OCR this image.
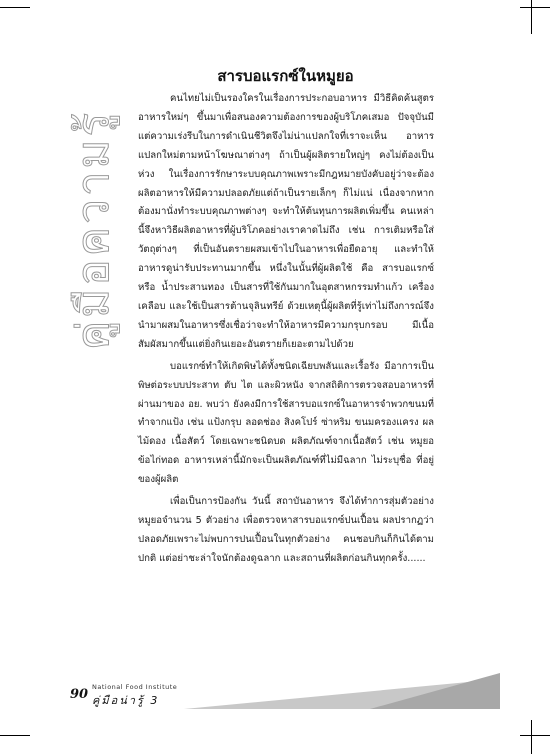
คู่มือความรู้
สารบอแรกซ์ในหมูยอ

คนไทยไม่เป็นรองใครในเรื่องการประกอบอาหาร มีวิธีคิดค้นสูตรอาหารใหม่ๆ ขึ้นมาเพื่อสนองความต้องการของผู้บริโภคเสมอ ปัจจุบันมีแต่ความเร่งรีบในการดำเนินชีวิตจึงไม่น่าแปลกใจที่เราจะเห็น อาหารแปลกใหม่ตามหน้าโฆษณาต่างๆ ถ้าเป็นผู้ผลิตรายใหญ่ๆ คงไม่ต้องเป็นห่วง ในเรื่องการรักษาระบบคุณภาพเพราะมีกฎหมายบังคับอยู่ว่าจะต้องผลิตอาหารให้มีความปลอดภัยแต่ถ้าเป็นรายเล็กๆ ก็ไม่แน่ เนื่องจากหากต้องมานั่งทำระบบคุณภาพต่างๆ จะทำให้ต้นทุนการผลิตเพิ่มขึ้น คนเหล่านี้จึงหาวิธีผลิตอาหารที่ผู้บริโภคอย่างเราคาดไม่ถึง เช่น การเติมหรือใส่วัตถุต่างๆ ที่เป็นอันตรายผสมเข้าไปในอาหารเพื่อยืดอายุ และทำให้อาหารดูน่ารับประทานมากขึ้น หนึ่งในนั้นที่ผู้ผลิตใช้ คือ สารบอแรกซ์ หรือ น้ำประสานทอง เป็นสารที่ใช้กันมากในอุตสาหกรรมทำแก้ว เครื่องเคลือบ และใช้เป็นสารต้านจุลินทรีย์ ด้วยเหตุนี้ผู้ผลิตที่รู้เท่าไม่ถึงการณ์จึงนำมาผสมในอาหารซึ่งเชื่อว่าจะทำให้อาหารมีความกรุบกรอบ มีเนื้อสัมผัสมากขึ้นแต่ยิ่งกินเยอะอันตรายก็เยอะตามไปด้วย

บอแรกซ์ทำให้เกิดพิษได้ทั้งชนิดเฉียบพลันและเรื้อรัง มีอาการเป็นพิษต่อระบบประสาท ตับ ไต และผิวหนัง จากสถิติการตรวจสอบอาหารที่ผ่านมาของ อย. พบว่า ยังคงมีการใช้สารบอแรกซ์ในอาหารจำพวกขนมที่ทำจากแป้ง เช่น แป้งกรุบ ลอดช่อง สิงคโปร์ ซ่าหริม ขนมครองแครง ผลไม้ดอง เนื้อสัตว์ โดยเฉพาะชนิดบด ผลิตภัณฑ์จากเนื้อสัตว์ เช่น หมูยอ ข้อไก่ทอด อาหารเหล่านี้มักจะเป็นผลิตภัณฑ์ที่ไม่มีฉลาก ไม่ระบุชื่อ ที่อยู่ของผู้ผลิต

เพื่อเป็นการป้องกัน วันนี้ สถาบันอาหาร จึงได้ทำการสุ่มตัวอย่างหมูยอจำนวน 5 ตัวอย่าง เพื่อตรวจหาสารบอแรกซ์ปนเปื้อน ผลปรากฏว่า ปลอดภัยเพราะไม่พบการปนเปื้อนในทุกตัวอย่าง คนชอบกินก็กินได้ตามปกติ แต่อย่าชะล่าใจนักต้องดูฉลาก และสถานที่ผลิตก่อนกินทุกครั้ง......

90 National Food Institute
คู่มือน่ารู้ 3
